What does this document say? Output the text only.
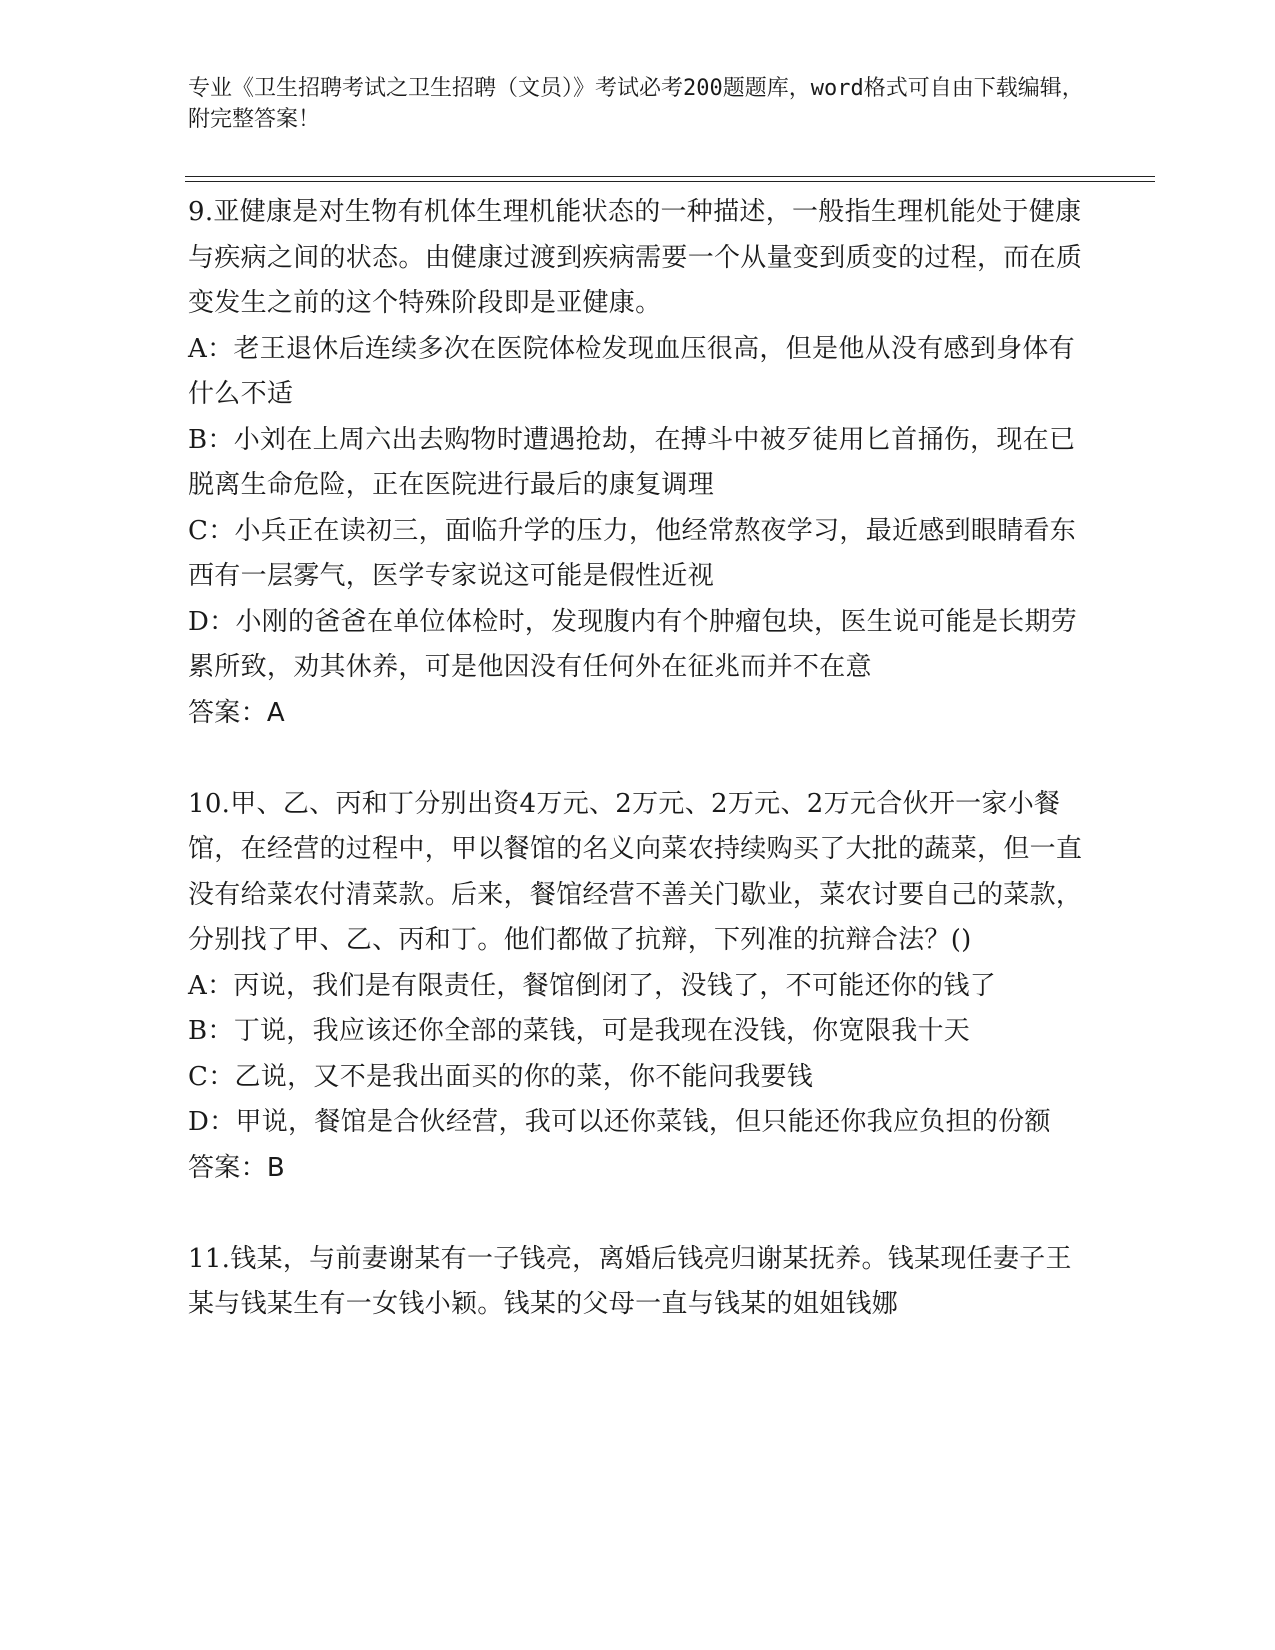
专业《卫生招聘考试之卫生招聘（文员）》考试必考200题题库，word格式可自由下载编辑，附完整答案！

9.亚健康是对生物有机体生理机能状态的一种描述，一般指生理机能处于健康与疾病之间的状态。由健康过渡到疾病需要一个从量变到质变的过程，而在质变发生之前的这个特殊阶段即是亚健康。

A：老王退休后连续多次在医院体检发现血压很高，但是他从没有感到身体有什么不适

B：小刘在上周六出去购物时遭遇抢劫，在搏斗中被歹徒用匕首捅伤，现在已脱离生命危险，正在医院进行最后的康复调理

C：小兵正在读初三，面临升学的压力，他经常熬夜学习，最近感到眼睛看东西有一层雾气，医学专家说这可能是假性近视

D：小刚的爸爸在单位体检时，发现腹内有个肿瘤包块，医生说可能是长期劳累所致，劝其休养，可是他因没有任何外在征兆而并不在意

答案：A

10.甲、乙、丙和丁分别出资4万元、2万元、2万元、2万元合伙开一家小餐馆，在经营的过程中，甲以餐馆的名义向菜农持续购买了大批的蔬菜，但一直没有给菜农付清菜款。后来，餐馆经营不善关门歇业，菜农讨要自己的菜款，分别找了甲、乙、丙和丁。他们都做了抗辩，下列准的抗辩合法？()

A：丙说，我们是有限责任，餐馆倒闭了，没钱了，不可能还你的钱了

B：丁说，我应该还你全部的菜钱，可是我现在没钱，你宽限我十天

C：乙说，又不是我出面买的你的菜，你不能问我要钱

D：甲说，餐馆是合伙经营，我可以还你菜钱，但只能还你我应负担的份额

答案：B

11.钱某，与前妻谢某有一子钱亮，离婚后钱亮归谢某抚养。钱某现任妻子王某与钱某生有一女钱小颖。钱某的父母一直与钱某的姐姐钱娜
